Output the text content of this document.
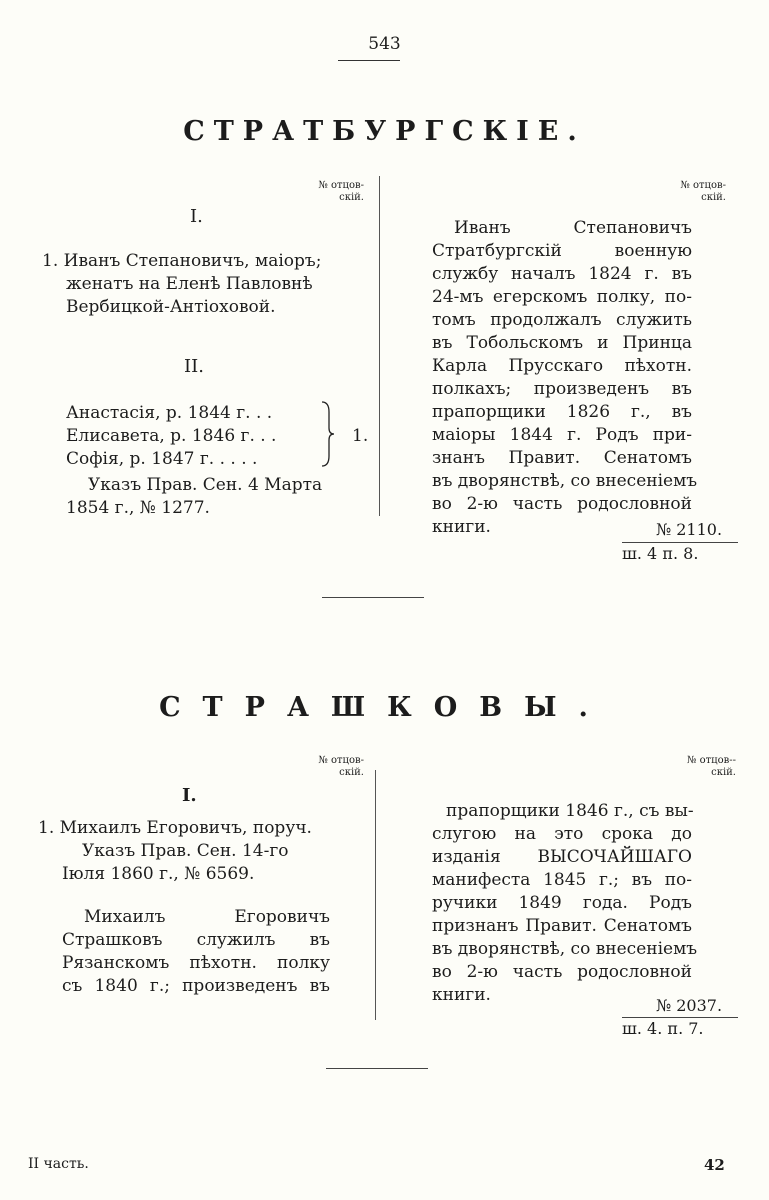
543
СТРАТБУРГСКІЕ.
№ отцов-
скій.
№ отцов-
скій.
I.
1. Иванъ Степановичъ, маіоръ;
женатъ на Еленѣ Павловнѣ
Вербицкой-Антіоховой.
II.
Анастасія, р. 1844 г. . .
Елисавета, р. 1846 г. . .
Софія, р. 1847 г. . . . .
1.
Указъ Прав. Сен. 4 Марта
1854 г., № 1277.
Иванъ Степановичъ
Стратбургскій военную
службу началъ 1824 г. въ
24-мъ егерскомъ полку, по-
томъ продолжалъ служить
въ Тобольскомъ и Принца
Карла Прусскаго пѣхотн.
полкахъ; произведенъ въ
прапорщики 1826 г., въ
маіоры 1844 г. Родъ при-
знанъ Правит. Сенатомъ
въ дворянствѣ, со внесеніемъ
во 2-ю часть родословной
книги.	№ 2110.
ш. 4 п. 8.
СТРАШКОВЫ.
№ отцов-
скій.
№ отцов--
скій.
I.
1. Михаилъ Егоровичъ, поруч.
Указъ Прав. Сен. 14-го
Іюля 1860 г., № 6569.
Михаилъ Егоровичъ
Страшковъ служилъ въ
Рязанскомъ пѣхотн. полку
съ 1840 г.; произведенъ въ
прапорщики 1846 г., съ вы-
слугою на это срока до
изданія ВЫСОЧАЙШАГО
манифеста 1845 г.; въ по-
ручики 1849 года. Родъ
признанъ Правит. Сенатомъ
въ дворянствѣ, со внесеніемъ
во 2-ю часть родословной
книги.
№ 2037.
ш. 4. п. 7.
II часть.	42
